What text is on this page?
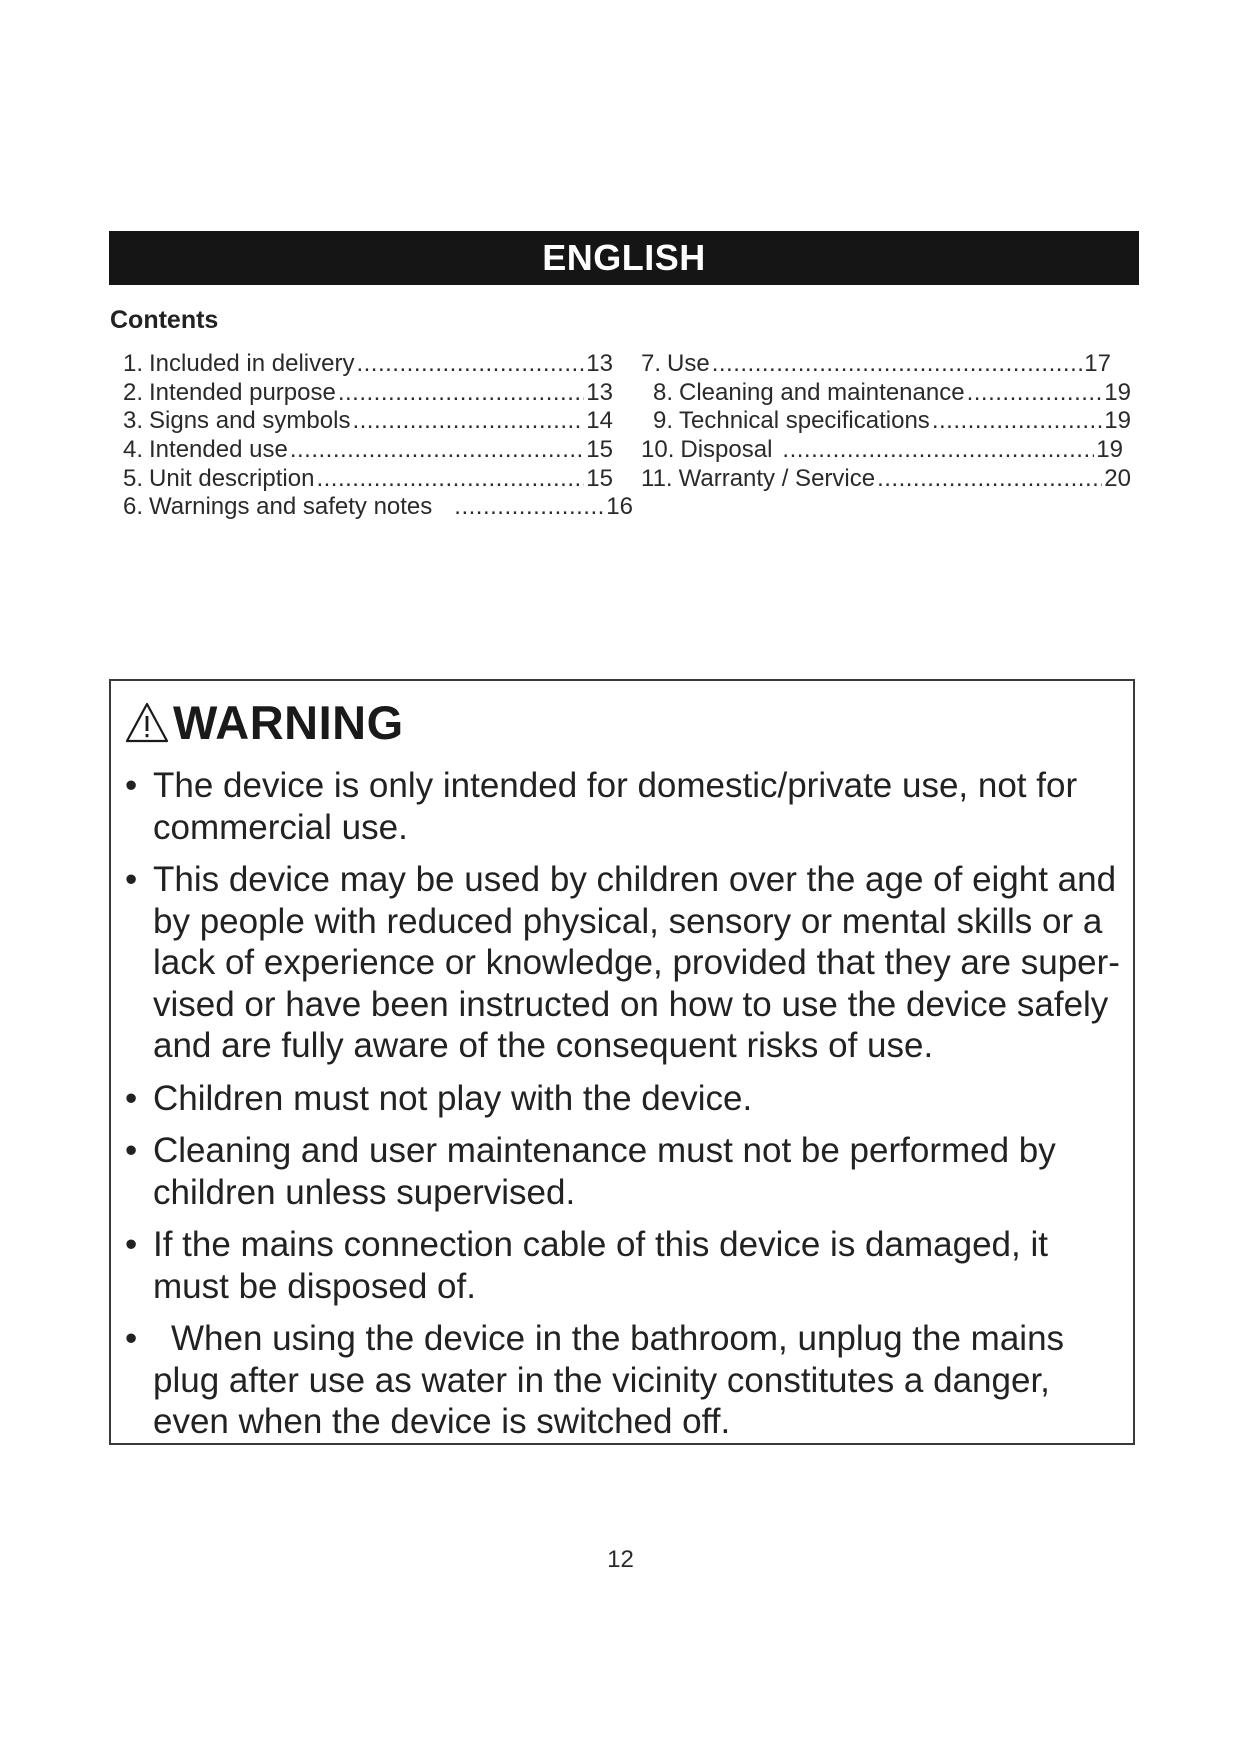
ENGLISH
Contents
1. Included in delivery .....	13
2. Intended purpose .....	13
3. Signs and symbols .....	14
4. Intended use .....	15
5. Unit description .....	15
6. Warnings and safety notes .....	16
7. Use .....	17
8. Cleaning and maintenance .....	19
9. Technical specifications .....	19
10. Disposal .....	19
11. Warranty / Service .....	20
WARNING
• The device is only intended for domestic/private use, not for commercial use.
• This device may be used by children over the age of eight and by people with reduced physical, sensory or mental skills or a lack of experience or knowledge, provided that they are super-vised or have been instructed on how to use the device safely and are fully aware of the consequent risks of use.
• Children must not play with the device.
• Cleaning and user maintenance must not be performed by children unless supervised.
• If the mains connection cable of this device is damaged, it must be disposed of.
• When using the device in the bathroom, unplug the mains plug after use as water in the vicinity constitutes a danger, even when the device is switched off.
12
